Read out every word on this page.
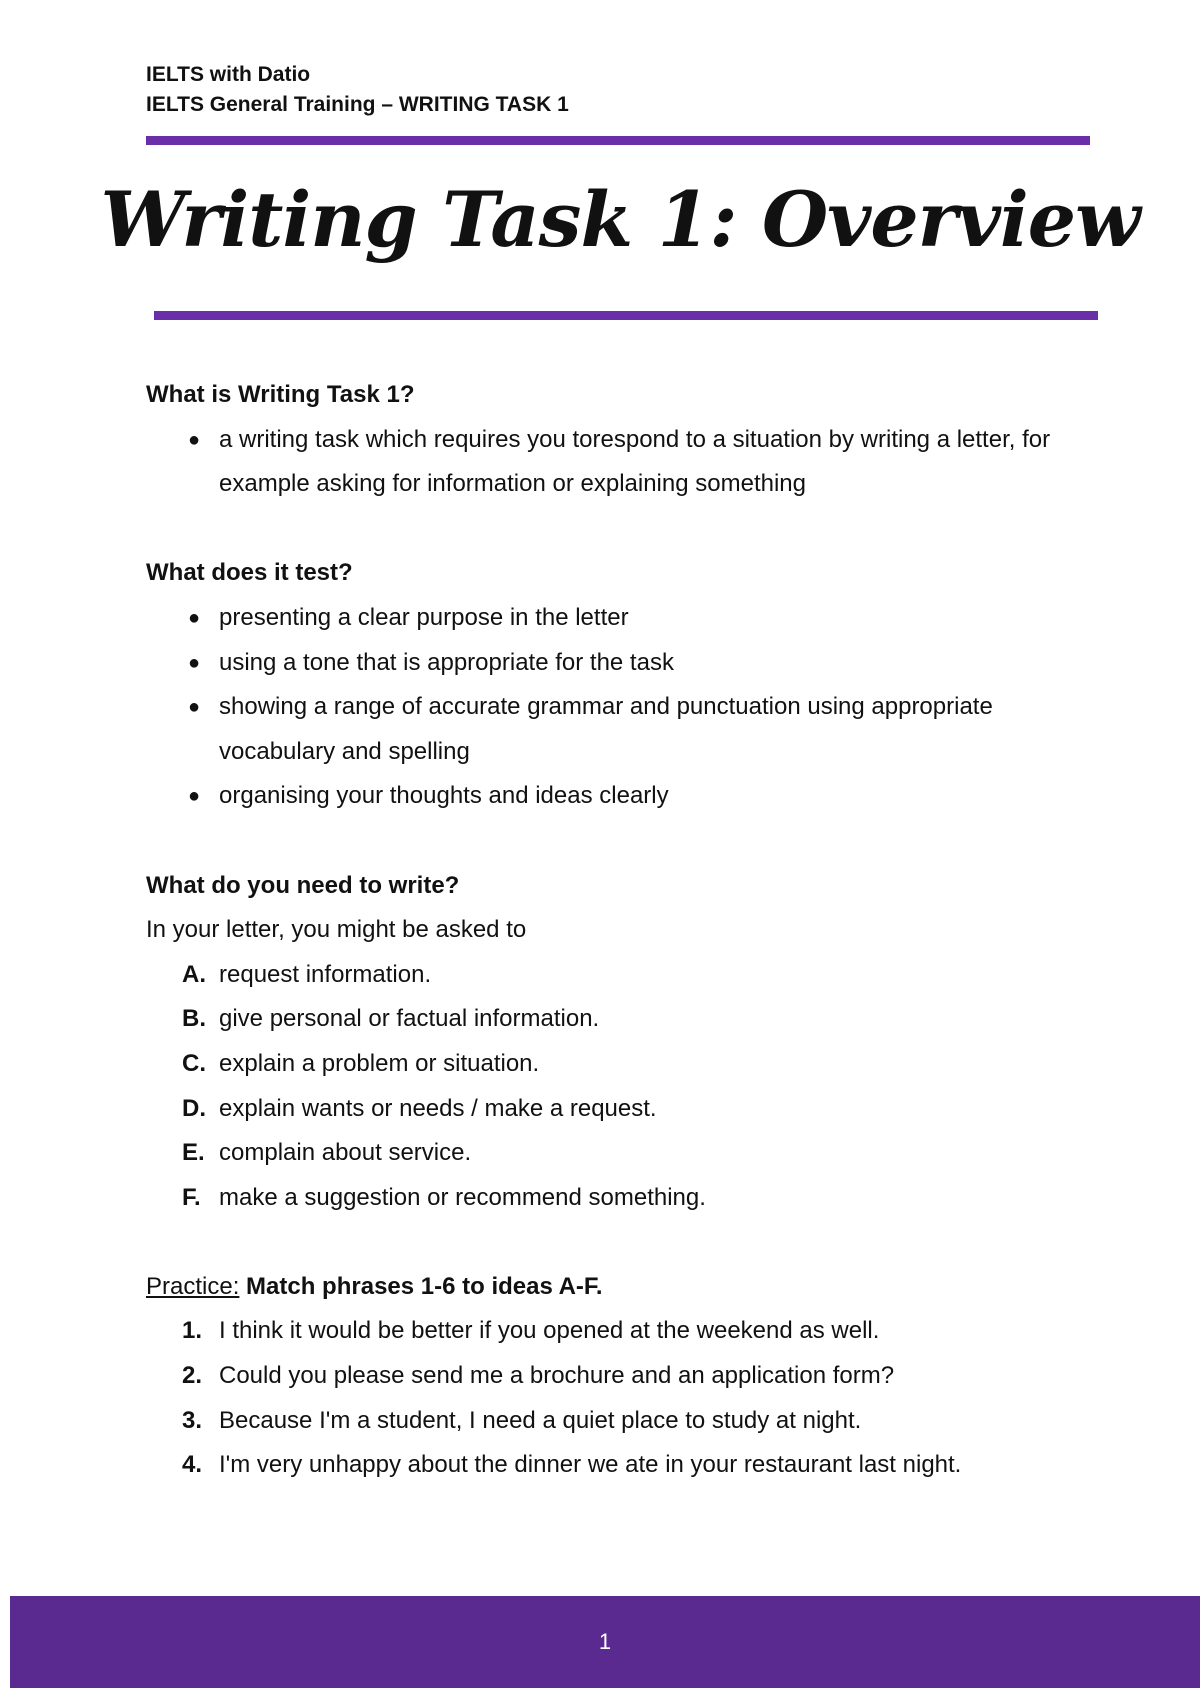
IELTS with Datio
IELTS General Training – WRITING TASK 1
Writing Task 1: Overview
What is Writing Task 1?
● a writing task which requires you torespond to a situation by writing a letter, for example asking for information or explaining something
What does it test?
● presenting a clear purpose in the letter
● using a tone that is appropriate for the task
● showing a range of accurate grammar and punctuation using appropriate vocabulary and spelling
● organising your thoughts and ideas clearly
What do you need to write?
In your letter, you might be asked to
A. request information.
B. give personal or factual information.
C. explain a problem or situation.
D. explain wants or needs / make a request.
E. complain about service.
F. make a suggestion or recommend something.
Practice: Match phrases 1-6 to ideas A-F.
1. I think it would be better if you opened at the weekend as well.
2. Could you please send me a brochure and an application form?
3. Because I'm a student, I need a quiet place to study at night.
4. I'm very unhappy about the dinner we ate in your restaurant last night.
1
